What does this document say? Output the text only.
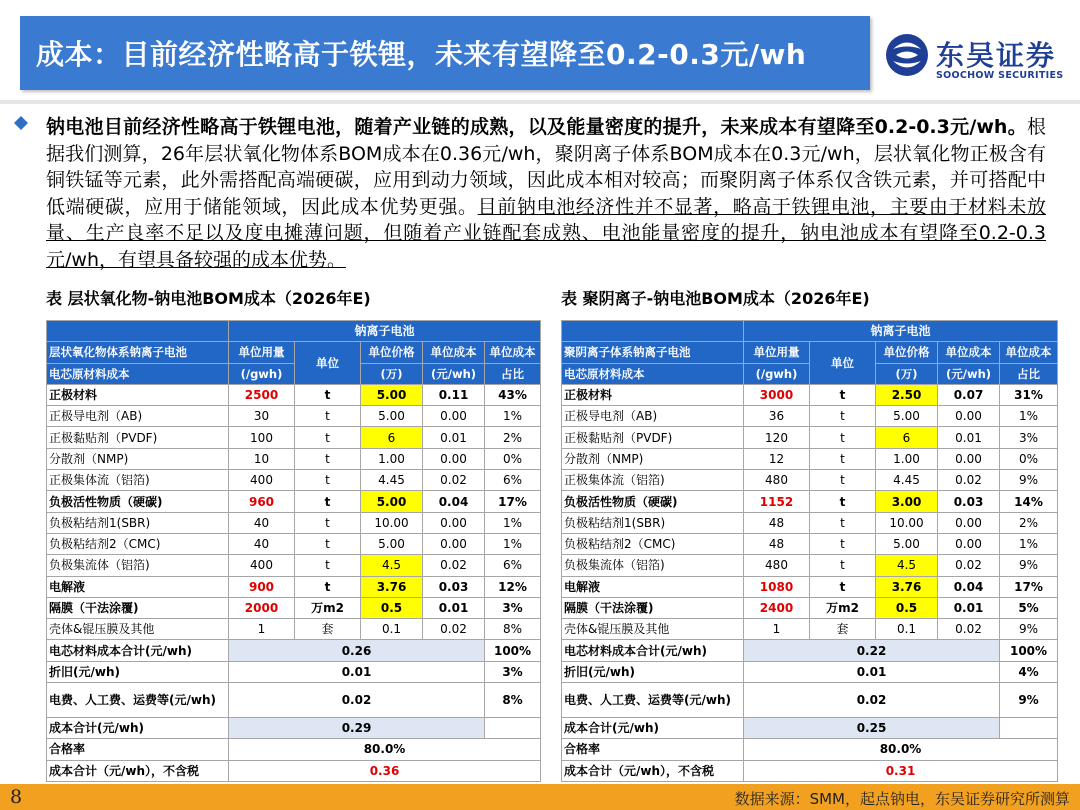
成本：目前经济性略高于铁锂，未来有望降至0.2-0.3元/wh	东吴证券
SOOCHOW SECURITIES
钠电池目前经济性略高于铁锂电池，随着产业链的成熟，以及能量密度的提升，未来成本有望降至0.2-0.3元/wh。根据我们测算，26年层状氧化物体系BOM成本在0.36元/wh，聚阴离子体系BOM成本在0.3元/wh，层状氧化物正极含有铜铁锰等元素，此外需搭配高端硬碳，应用到动力领域，因此成本相对较高；而聚阴离子体系仅含铁元素，并可搭配中低端硬碳，应用于储能领域，因此成本优势更强。目前钠电池经济性并不显著，略高于铁锂电池，主要由于材料未放量、生产良率不足以及度电摊薄问题，但随着产业链配套成熟、电池能量密度的提升，钠电池成本有望降至0.2-0.3元/wh，有望具备较强的成本优势。
表 层状氧化物-钠电池BOM成本（2026年E)	表 聚阴离子-钠电池BOM成本（2026年E)
	钠离子电池				
层状氧化物体系钠离子电池	单位用量	单位	单位价格	单位成本	单位成本
电芯原材料成本	(/gwh)		(万)	(元/wh)	占比
正极材料	2500	t	5.00	0.11	43%
正极导电剂（AB)	30	t	5.00	0.00	1%
正极黏贴剂（PVDF)	100	t	6	0.01	2%
分散剂（NMP)	10	t	1.00	0.00	0%
正极集体流（铝箔)	400	t	4.45	0.02	6%
负极活性物质（硬碳)	960	t	5.00	0.04	17%
负极粘结剂1(SBR)	40	t	10.00	0.00	1%
负极粘结剂2（CMC)	40	t	5.00	0.00	1%
负极集流体（铝箔)	400	t	4.5	0.02	6%
电解液	900	t	3.76	0.03	12%
隔膜（干法涂覆)	2000	万m2	0.5	0.01	3%
壳体&锟压膜及其他	1	套	0.1	0.02	8%
电芯材料成本合计(元/wh)	0.26				100%
折旧(元/wh)	0.01				3%
电费、人工费、运费等(元/wh)	0.02				8%
成本合计(元/wh)	0.29				
合格率	80.0%				
成本合计（元/wh），不含税	0.36				
	钠离子电池				
聚阴离子体系钠离子电池	单位用量	单位	单位价格	单位成本	单位成本
电芯原材料成本	(/gwh)		(万)	(元/wh)	占比
正极材料	3000	t	2.50	0.07	31%
正极导电剂（AB)	36	t	5.00	0.00	1%
正极黏贴剂（PVDF)	120	t	6	0.01	3%
分散剂（NMP)	12	t	1.00	0.00	0%
正极集体流（铝箔)	480	t	4.45	0.02	9%
负极活性物质（硬碳)	1152	t	3.00	0.03	14%
负极粘结剂1(SBR)	48	t	10.00	0.00	2%
负极粘结剂2（CMC)	48	t	5.00	0.00	1%
负极集流体（铝箔)	480	t	4.5	0.02	9%
电解液	1080	t	3.76	0.04	17%
隔膜（干法涂覆)	2400	万m2	0.5	0.01	5%
壳体&锟压膜及其他	1	套	0.1	0.02	9%
电芯材料成本合计(元/wh)	0.22				100%
折旧(元/wh)	0.01				4%
电费、人工费、运费等(元/wh)	0.02				9%
成本合计(元/wh)	0.25				
合格率	80.0%				
成本合计（元/wh），不含税	0.31				
8	数据来源：SMM，起点钠电，东吴证券研究所测算
